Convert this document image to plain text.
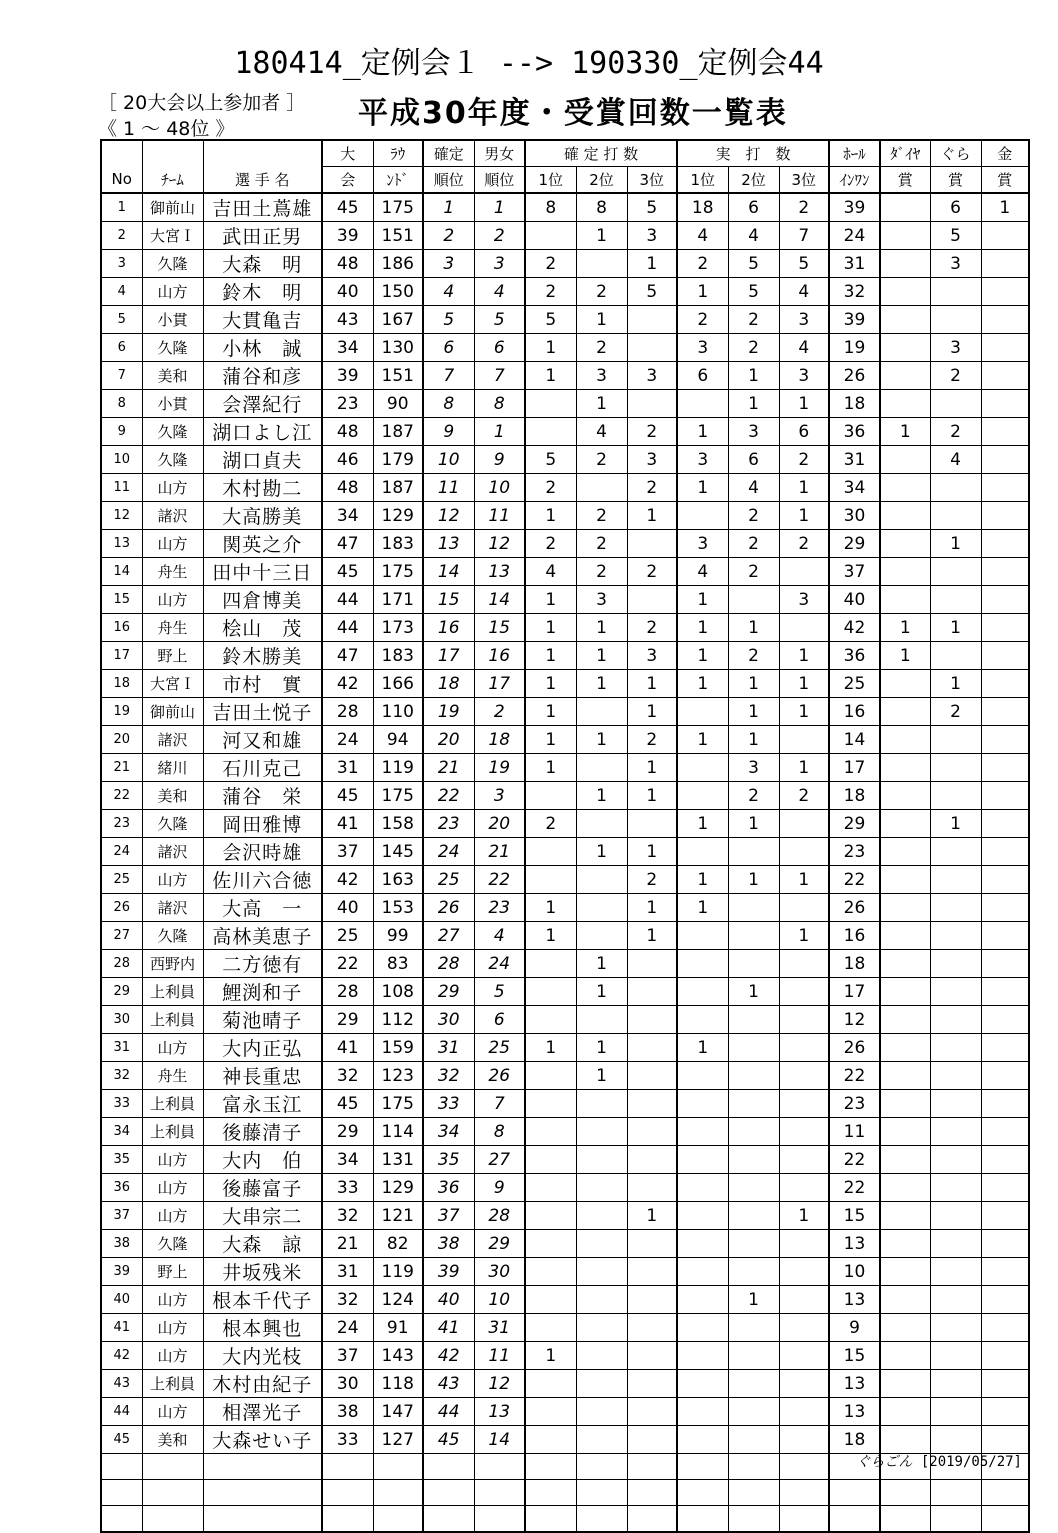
180414_定例会１ --> 190330_定例会44
［ 20大会以上参加者 ］
《 1 ～ 48位 》	平成30年度・受賞回数一覧表
			大	ﾗｳ	確定	男女	確 定 打 数			実　打　数			ﾎｰﾙ	ﾀﾞｲﾔ	ぐら	金
No	ﾁｰﾑ	選 手 名	会	ﾝﾄﾞ	順位	順位	1位	2位	3位	1位	2位	3位	ｲﾝﾜﾝ	賞	賞	賞
1	御前山	吉田土蔦雄	45	175	1	1	8	8	5	18	6	2	39		6	1
2	大宮Ｉ	武田正男	39	151	2	2		1	3	4	4	7	24		5	
3	久隆	大森　明	48	186	3	3	2		1	2	5	5	31		3	
4	山方	鈴木　明	40	150	4	4	2	2	5	1	5	4	32			
5	小貫	大貫亀吉	43	167	5	5	5	1		2	2	3	39			
6	久隆	小林　誠	34	130	6	6	1	2		3	2	4	19		3	
7	美和	蒲谷和彦	39	151	7	7	1	3	3	6	1	3	26		2	
8	小貫	会澤紀行	23	90	8	8		1			1	1	18			
9	久隆	湖口よし江	48	187	9	1		4	2	1	3	6	36	1	2	
10	久隆	湖口貞夫	46	179	10	9	5	2	3	3	6	2	31		4	
11	山方	木村勘二	48	187	11	10	2		2	1	4	1	34			
12	諸沢	大高勝美	34	129	12	11	1	2	1		2	1	30			
13	山方	関英之介	47	183	13	12	2	2		3	2	2	29		1	
14	舟生	田中十三日	45	175	14	13	4	2	2	4	2		37			
15	山方	四倉博美	44	171	15	14	1	3		1		3	40			
16	舟生	桧山　茂	44	173	16	15	1	1	2	1	1		42	1	1	
17	野上	鈴木勝美	47	183	17	16	1	1	3	1	2	1	36	1		
18	大宮Ｉ	市村　實	42	166	18	17	1	1	1	1	1	1	25		1	
19	御前山	吉田土悦子	28	110	19	2	1		1		1	1	16		2	
20	諸沢	河又和雄	24	94	20	18	1	1	2	1	1		14			
21	緒川	石川克己	31	119	21	19	1		1		3	1	17			
22	美和	蒲谷　栄	45	175	22	3		1	1		2	2	18			
23	久隆	岡田雅博	41	158	23	20	2			1	1		29		1	
24	諸沢	会沢時雄	37	145	24	21		1	1				23			
25	山方	佐川六合徳	42	163	25	22			2	1	1	1	22			
26	諸沢	大高　一	40	153	26	23	1		1	1			26			
27	久隆	高林美恵子	25	99	27	4	1		1			1	16			
28	西野内	二方徳有	22	83	28	24		1					18			
29	上利員	鯉渕和子	28	108	29	5		1			1		17			
30	上利員	菊池晴子	29	112	30	6							12			
31	山方	大内正弘	41	159	31	25	1	1		1			26			
32	舟生	神長重忠	32	123	32	26		1					22			
33	上利員	富永玉江	45	175	33	7							23			
34	上利員	後藤清子	29	114	34	8							11			
35	山方	大内　伯	34	131	35	27							22			
36	山方	後藤富子	33	129	36	9							22			
37	山方	大串宗二	32	121	37	28			1			1	15			
38	久隆	大森　諒	21	82	38	29							13			
39	野上	井坂残米	31	119	39	30							10			
40	山方	根本千代子	32	124	40	10					1		13			
41	山方	根本興也	24	91	41	31							9			
42	山方	大内光枝	37	143	42	11	1						15			
43	上利員	木村由紀子	30	118	43	12							13			
44	山方	相澤光子	38	147	44	13							13			
45	美和	大森せい子	33	127	45	14							18			

ぐらごん [2019/05/27]
